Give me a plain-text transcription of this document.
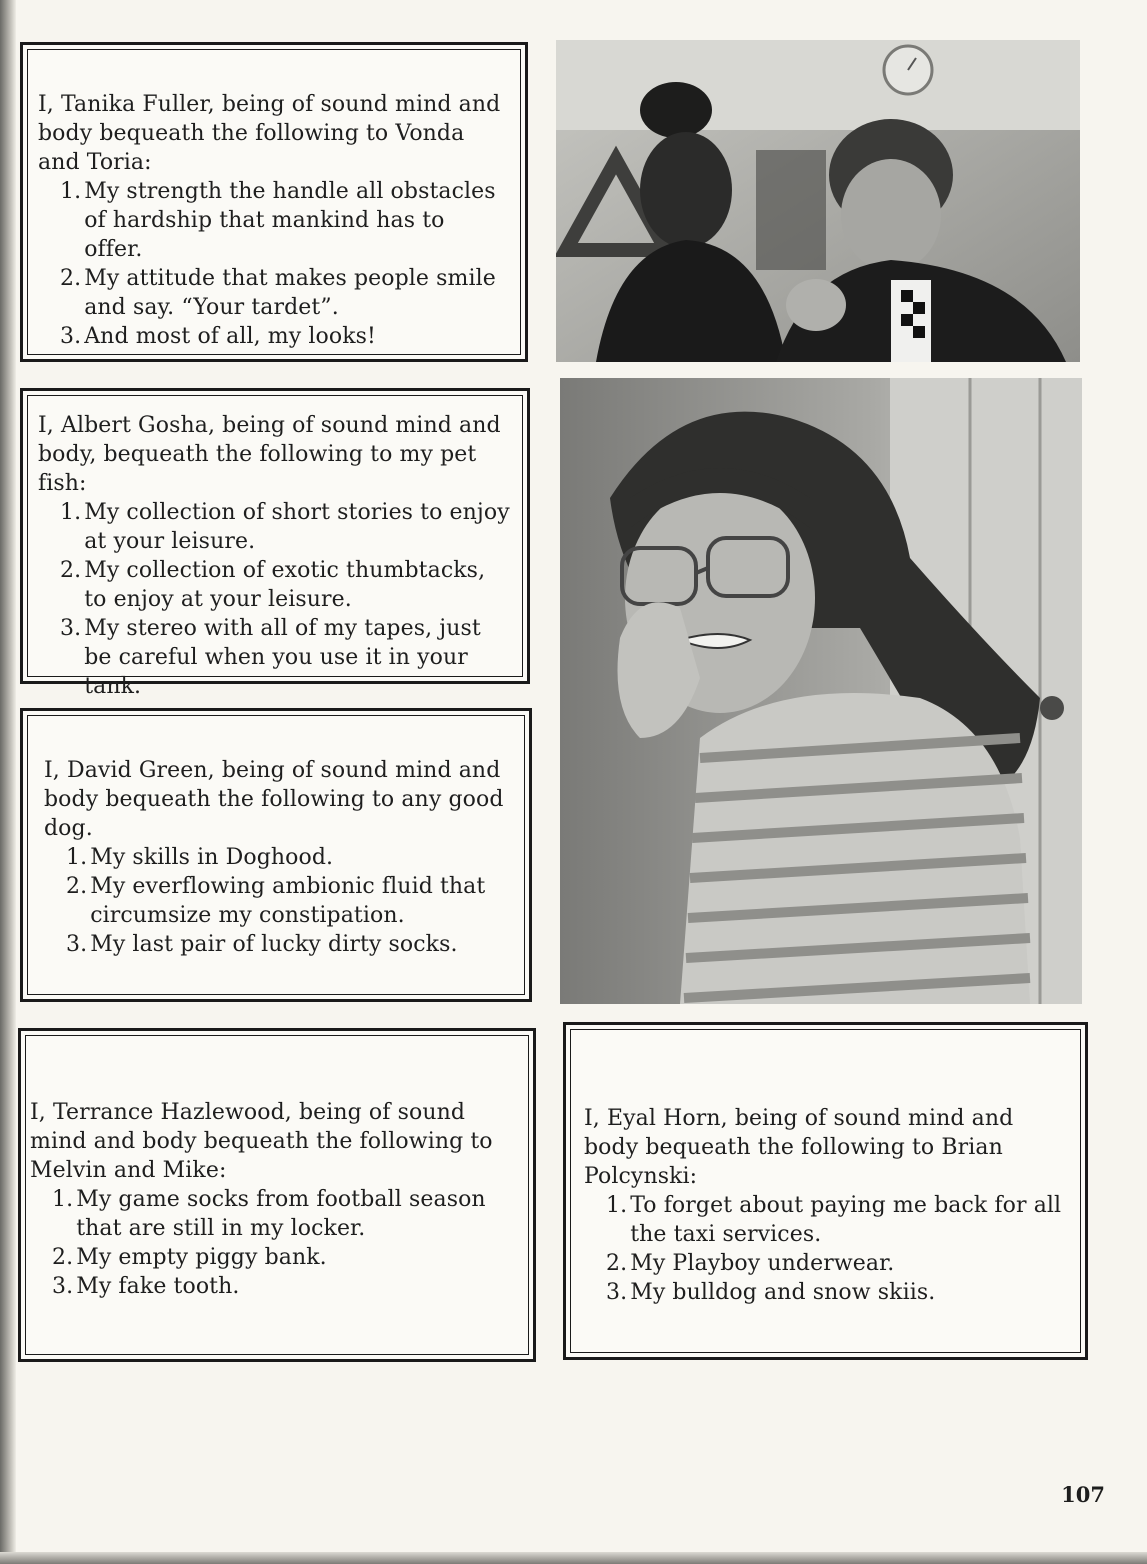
I, Tanika Fuller, being of sound mind and body bequeath the following to Vonda and Toria:

1. My strength the handle all obstacles of hardship that mankind has to offer.
2. My attitude that makes people smile and say. “Your tardet”.
3. And most of all, my looks!

I, Albert Gosha, being of sound mind and body, bequeath the following to my pet fish:

1. My collection of short stories to enjoy at your leisure.
2. My collection of exotic thumbtacks, to enjoy at your leisure.
3. My stereo with all of my tapes, just be careful when you use it in your tank.

I, David Green, being of sound mind and body bequeath the following to any good dog.

1. My skills in Doghood.
2. My everflowing ambionic fluid that circumsize my constipation.
3. My last pair of lucky dirty socks.

I, Terrance Hazlewood, being of sound mind and body bequeath the following to Melvin and Mike:

1. My game socks from football season that are still in my locker.
2. My empty piggy bank.
3. My fake tooth.

I, Eyal Horn, being of sound mind and body bequeath the following to Brian Polcynski:

1. To forget about paying me back for all the taxi services.
2. My Playboy underwear.
3. My bulldog and snow skiis.
107
